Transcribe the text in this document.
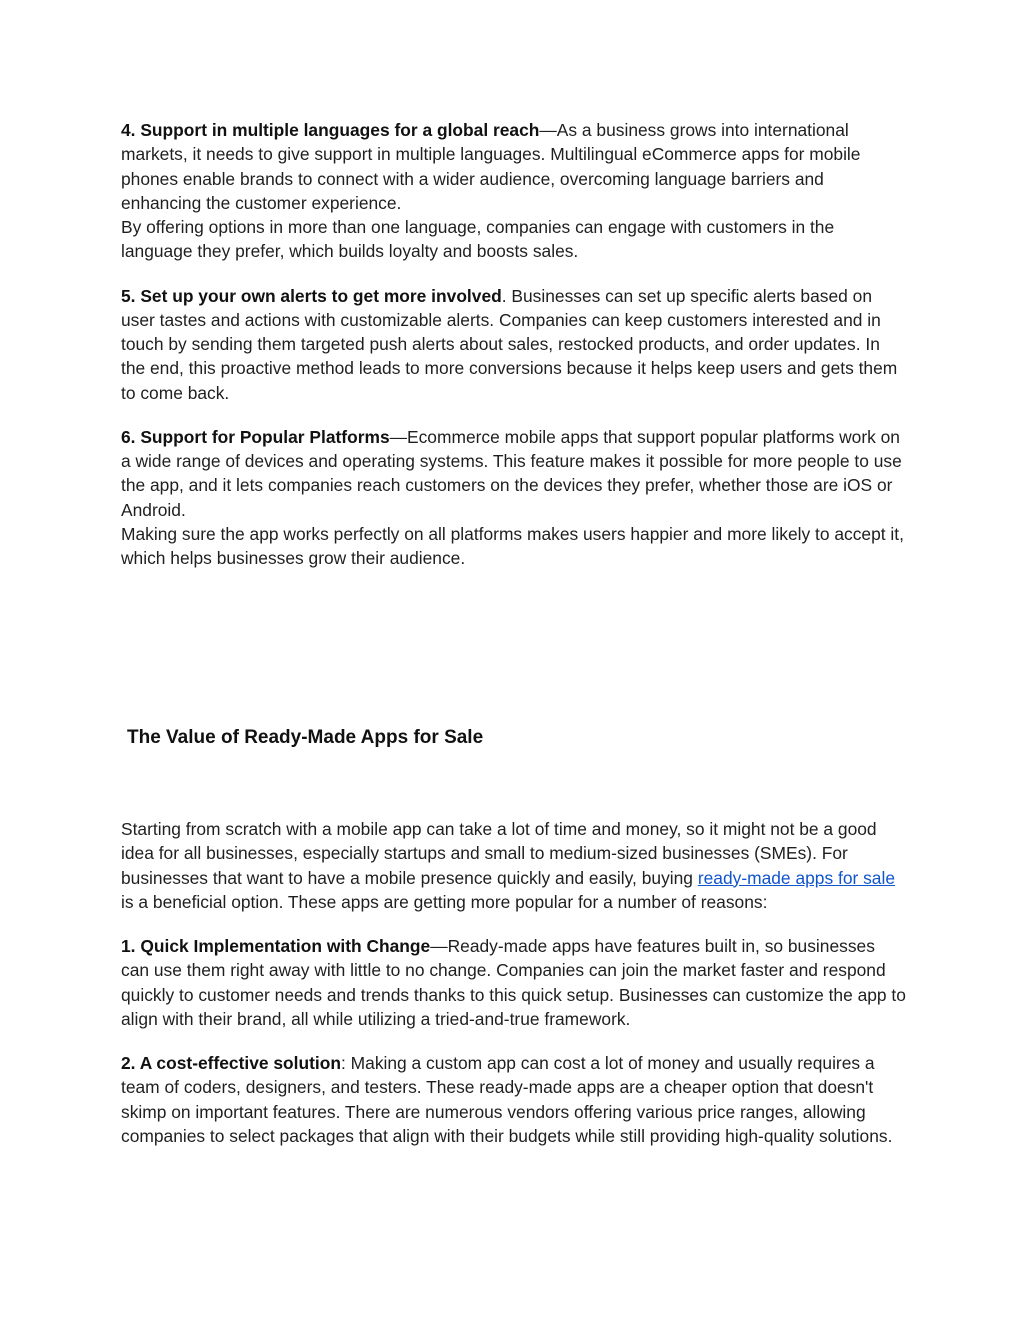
4. Support in multiple languages for a global reach—As a business grows into international markets, it needs to give support in multiple languages. Multilingual eCommerce apps for mobile phones enable brands to connect with a wider audience, overcoming language barriers and enhancing the customer experience.
By offering options in more than one language, companies can engage with customers in the language they prefer, which builds loyalty and boosts sales.

5. Set up your own alerts to get more involved. Businesses can set up specific alerts based on user tastes and actions with customizable alerts. Companies can keep customers interested and in touch by sending them targeted push alerts about sales, restocked products, and order updates. In the end, this proactive method leads to more conversions because it helps keep users and gets them to come back.

6. Support for Popular Platforms—Ecommerce mobile apps that support popular platforms work on a wide range of devices and operating systems. This feature makes it possible for more people to use the app, and it lets companies reach customers on the devices they prefer, whether those are iOS or Android.
Making sure the app works perfectly on all platforms makes users happier and more likely to accept it, which helps businesses grow their audience.

The Value of Ready-Made Apps for Sale

Starting from scratch with a mobile app can take a lot of time and money, so it might not be a good idea for all businesses, especially startups and small to medium-sized businesses (SMEs). For businesses that want to have a mobile presence quickly and easily, buying ready-made apps for sale is a beneficial option. These apps are getting more popular for a number of reasons:

1. Quick Implementation with Change—Ready-made apps have features built in, so businesses can use them right away with little to no change. Companies can join the market faster and respond quickly to customer needs and trends thanks to this quick setup. Businesses can customize the app to align with their brand, all while utilizing a tried-and-true framework.

2. A cost-effective solution: Making a custom app can cost a lot of money and usually requires a team of coders, designers, and testers. These ready-made apps are a cheaper option that doesn't skimp on important features. There are numerous vendors offering various price ranges, allowing companies to select packages that align with their budgets while still providing high-quality solutions.
